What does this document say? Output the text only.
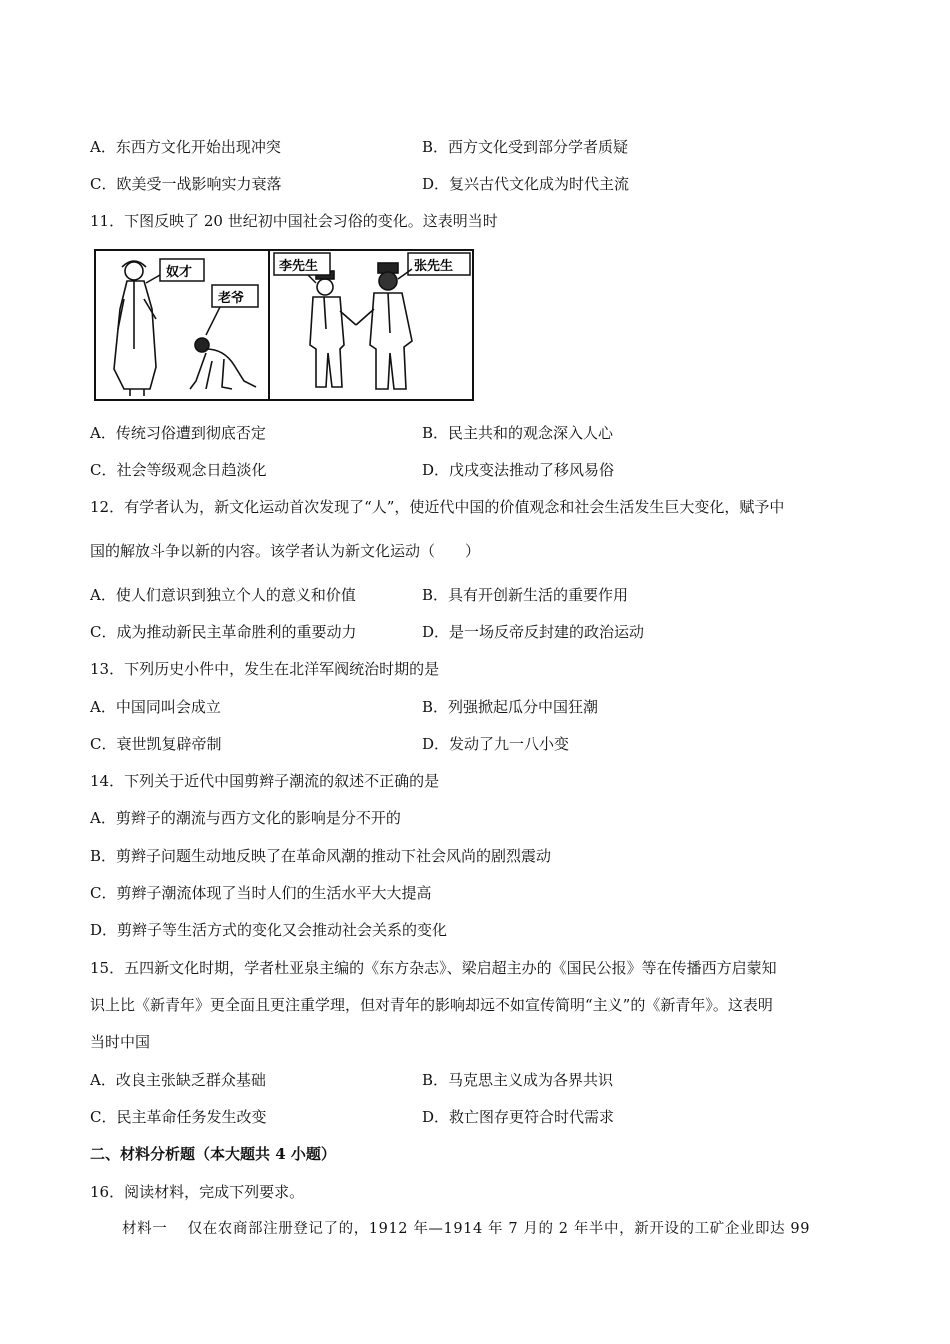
A．东西方文化开始出现冲突	B．西方文化受到部分学者质疑
C．欧美受一战影响实力衰落	D．复兴古代文化成为时代主流
11．下图反映了 20 世纪初中国社会习俗的变化。这表明当时
奴才
老爷
李先生	张先生
A．传统习俗遭到彻底否定	B．民主共和的观念深入人心
C．社会等级观念日趋淡化	D．戊戌变法推动了移风易俗
12．有学者认为，新文化运动首次发现了“人”，使近代中国的价值观念和社会生活发生巨大变化，赋予中
国的解放斗争以新的内容。该学者认为新文化运动（　　）
A．使人们意识到独立个人的意义和价值	B．具有开创新生活的重要作用
C．成为推动新民主革命胜利的重要动力	D．是一场反帝反封建的政治运动
13．下列历史小件中，发生在北洋军阀统治时期的是
A．中国同叫会成立	B．列强掀起瓜分中国狂潮
C．衰世凯复辟帝制	D．发动了九一八小变
14．下列关于近代中国剪辫子潮流的叙述不正确的是
A．剪辫子的潮流与西方文化的影响是分不开的
B．剪辫子问题生动地反映了在革命风潮的推动下社会风尚的剧烈震动
C．剪辫子潮流体现了当时人们的生活水平大大提高
D．剪辫子等生活方式的变化又会推动社会关系的变化
15．五四新文化时期，学者杜亚泉主编的《东方杂志》、梁启超主办的《国民公报》等在传播西方启蒙知
识上比《新青年》更全面且更注重学理，但对青年的影响却远不如宣传简明“主义”的《新青年》。这表明
当时中国
A．改良主张缺乏群众基础	B．马克思主义成为各界共识
C．民主革命任务发生改变	D．救亡图存更符合时代需求
二、材料分析题（本大题共 4 小题）
16．阅读材料，完成下列要求。
材料一　 仅在农商部注册登记了的，1912 年—1914 年 7 月的 2 年半中，新开设的工矿企业即达 99
